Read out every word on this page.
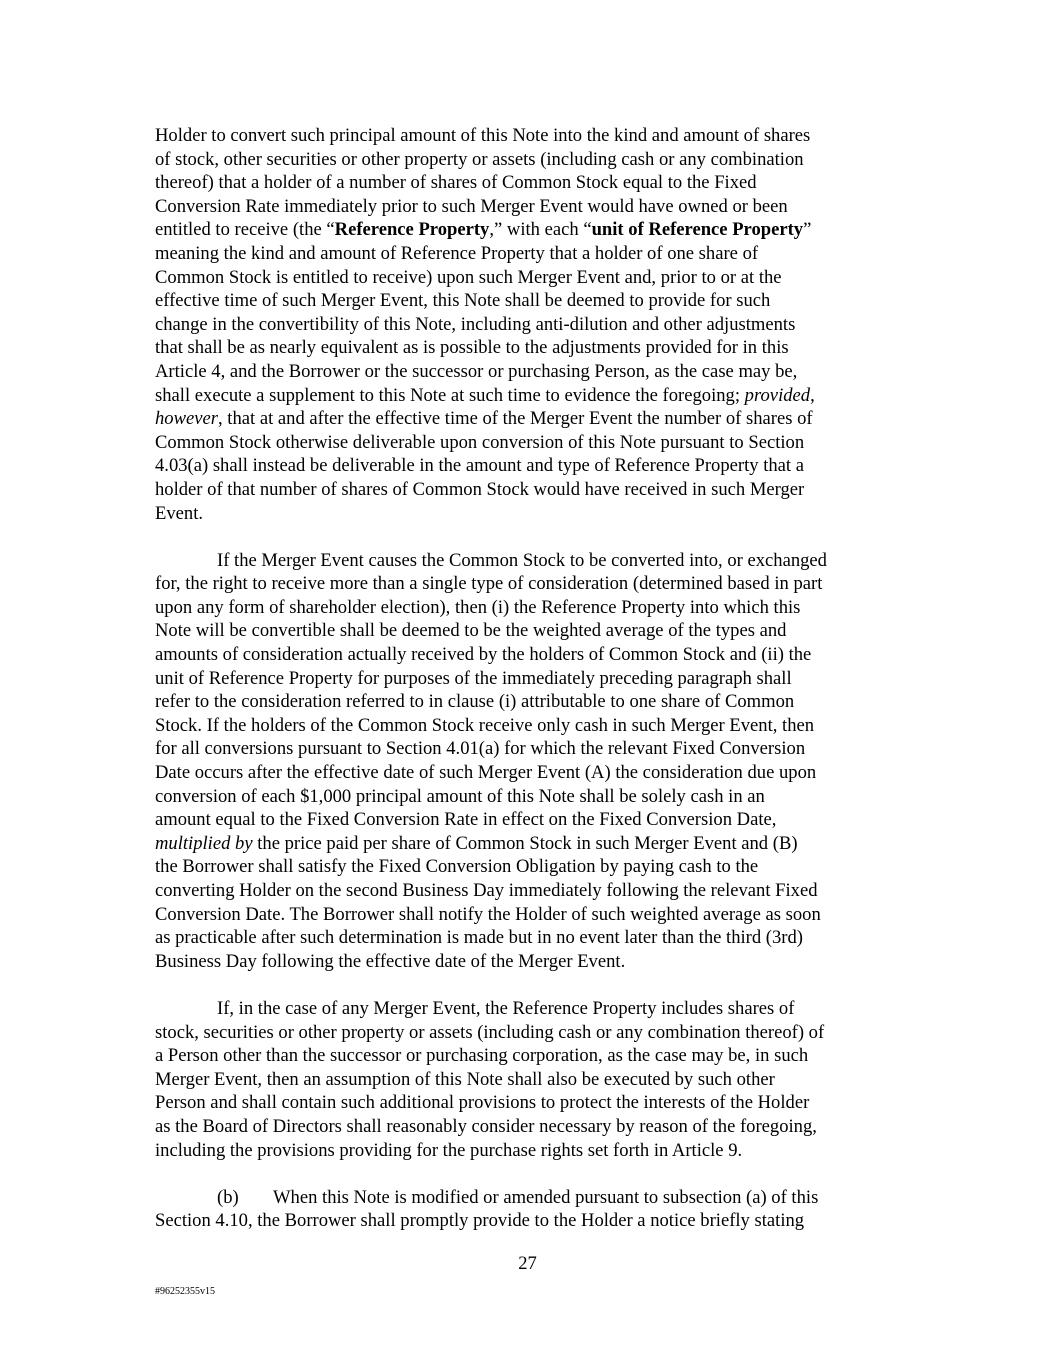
Holder to convert such principal amount of this Note into the kind and amount of shares
of stock, other securities or other property or assets (including cash or any combination
thereof) that a holder of a number of shares of Common Stock equal to the Fixed
Conversion Rate immediately prior to such Merger Event would have owned or been
entitled to receive (the “Reference Property,” with each “unit of Reference Property”
meaning the kind and amount of Reference Property that a holder of one share of
Common Stock is entitled to receive) upon such Merger Event and, prior to or at the
effective time of such Merger Event, this Note shall be deemed to provide for such
change in the convertibility of this Note, including anti-dilution and other adjustments
that shall be as nearly equivalent as is possible to the adjustments provided for in this
Article 4, and the Borrower or the successor or purchasing Person, as the case may be,
shall execute a supplement to this Note at such time to evidence the foregoing; provided,
however, that at and after the effective time of the Merger Event the number of shares of
Common Stock otherwise deliverable upon conversion of this Note pursuant to Section
4.03(a) shall instead be deliverable in the amount and type of Reference Property that a
holder of that number of shares of Common Stock would have received in such Merger
Event.
If the Merger Event causes the Common Stock to be converted into, or exchanged
for, the right to receive more than a single type of consideration (determined based in part
upon any form of shareholder election), then (i) the Reference Property into which this
Note will be convertible shall be deemed to be the weighted average of the types and
amounts of consideration actually received by the holders of Common Stock and (ii) the
unit of Reference Property for purposes of the immediately preceding paragraph shall
refer to the consideration referred to in clause (i) attributable to one share of Common
Stock. If the holders of the Common Stock receive only cash in such Merger Event, then
for all conversions pursuant to Section 4.01(a) for which the relevant Fixed Conversion
Date occurs after the effective date of such Merger Event (A) the consideration due upon
conversion of each $1,000 principal amount of this Note shall be solely cash in an
amount equal to the Fixed Conversion Rate in effect on the Fixed Conversion Date,
multiplied by the price paid per share of Common Stock in such Merger Event and (B)
the Borrower shall satisfy the Fixed Conversion Obligation by paying cash to the
converting Holder on the second Business Day immediately following the relevant Fixed
Conversion Date. The Borrower shall notify the Holder of such weighted average as soon
as practicable after such determination is made but in no event later than the third (3rd)
Business Day following the effective date of the Merger Event.
If, in the case of any Merger Event, the Reference Property includes shares of
stock, securities or other property or assets (including cash or any combination thereof) of
a Person other than the successor or purchasing corporation, as the case may be, in such
Merger Event, then an assumption of this Note shall also be executed by such other
Person and shall contain such additional provisions to protect the interests of the Holder
as the Board of Directors shall reasonably consider necessary by reason of the foregoing,
including the provisions providing for the purchase rights set forth in Article 9.
(b) When this Note is modified or amended pursuant to subsection (a) of this
Section 4.10, the Borrower shall promptly provide to the Holder a notice briefly stating
27
#96252355v15
